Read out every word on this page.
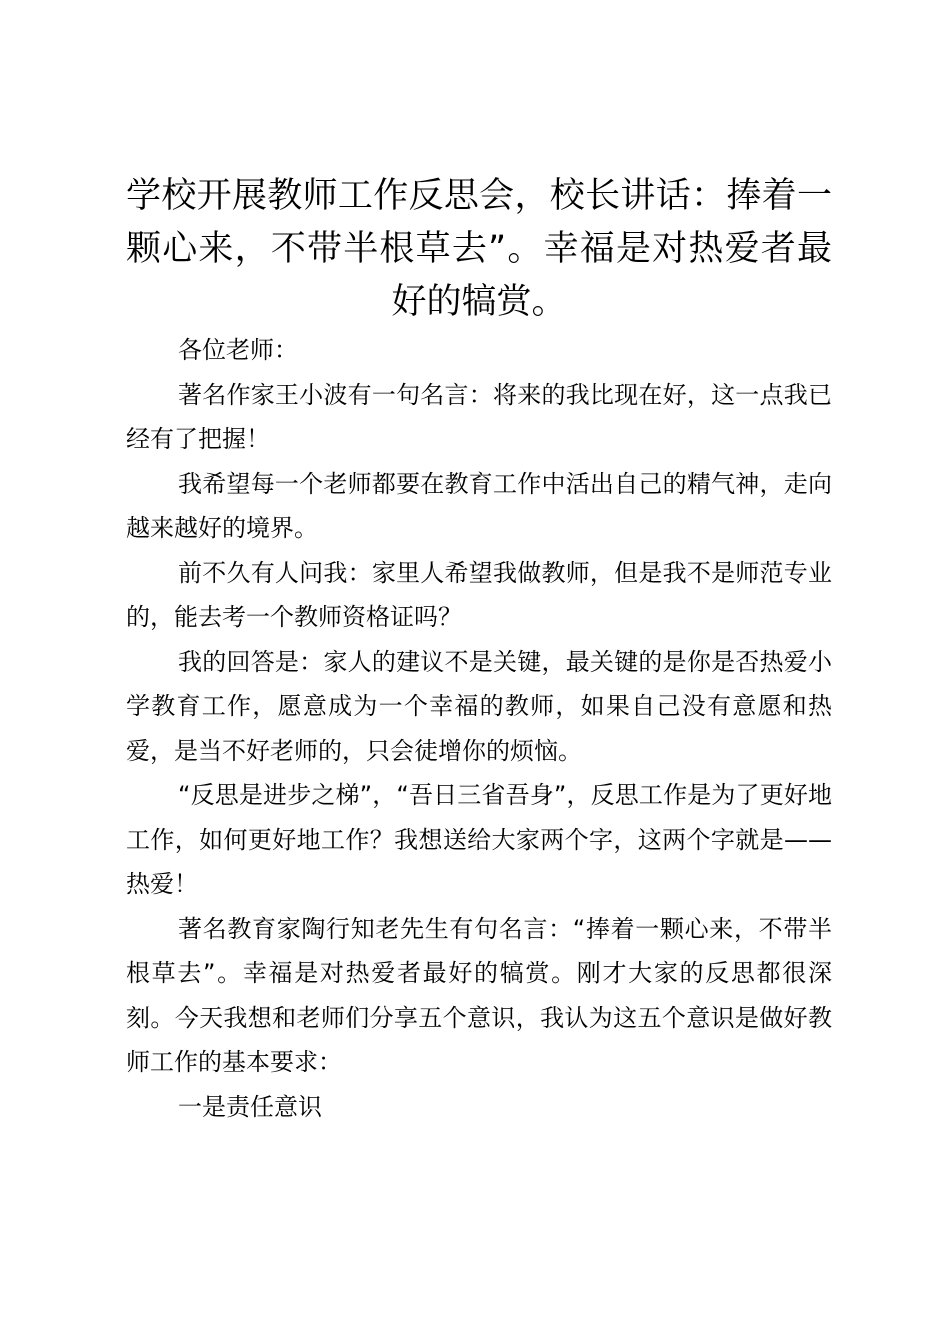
学校开展教师工作反思会，校长讲话：捧着一颗心来，不带半根草去”。幸福是对热爱者最好的犒赏。

各位老师：

著名作家王小波有一句名言：将来的我比现在好，这一点我已经有了把握！

我希望每一个老师都要在教育工作中活出自己的精气神，走向越来越好的境界。

前不久有人问我：家里人希望我做教师，但是我不是师范专业的，能去考一个教师资格证吗？

我的回答是：家人的建议不是关键，最关键的是你是否热爱小学教育工作，愿意成为一个幸福的教师，如果自己没有意愿和热爱，是当不好老师的，只会徒增你的烦恼。

“反思是进步之梯”，“吾日三省吾身”，反思工作是为了更好地工作，如何更好地工作？我想送给大家两个字，这两个字就是——热爱！

著名教育家陶行知老先生有句名言：“捧着一颗心来，不带半根草去”。幸福是对热爱者最好的犒赏。刚才大家的反思都很深刻。今天我想和老师们分享五个意识，我认为这五个意识是做好教师工作的基本要求：

一是责任意识
